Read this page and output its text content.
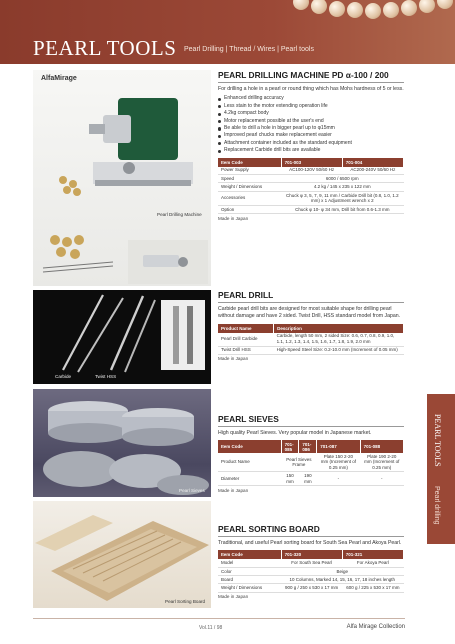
PEARL TOOLS Pearl Drilling | Thread / Wires | Pearl tools
PEARL TOOLS
Pearl drilling
AlfaMirage
Pearl Drilling Machine
Carbide	Twist HSS
Pearl Sieves
Pearl Sorting Board
PEARL DRILLING MACHINE PD α-100 / 200
For drilling a hole in a pearl or round thing which has Mohs hardness of 5 or less.
Enhanced drilling accuracy
Less stain to the motor extending operation life
4.2kg compact body
Motor replacement possible at the user's end
Be able to drill a hole in bigger pearl up to φ15mm
Improved pearl chucks make replacement easier
Attachment container included as the standard equipment
Replacement Carbide drill bits are available
Item Code	701-003	701-004
Power Supply	AC100-120V 50/60 Hz	AC200-240V 50/60 Hz
Speed	6000 / 6500 rpm	
Weight / Dimensions	4.2 kg / 145 x 235 x 122 mm	
Accessories	Chuck φ 3, 5, 7, 9, 11 mm / Carbide Drill bit (0.8, 1.0, 1.2 mm) x 1 Adjustment wrench x 2	
Option	Chuck φ 10- φ 34 mm, Drill bit from 0.6-1.3 mm	
Made in Japan
PEARL DRILL
Carbide pearl drill bits are designed for most suitable shape for drilling pearl without damage and have 2 sided. Twist Drill, HSS standard model from Japan.
Product Name	Description
Pearl Drill Carbide	Carbide, length 50 mm, 2 sided Size: 0.6, 0.7, 0.8, 0.9, 1.0, 1.1, 1.2, 1.3, 1.4, 1.5, 1.6, 1.7, 1.8, 1.9, 2.0 mm
Twist Drill HSS	High-Speed Steel Size: 0.2-10.0 mm (Increment of 0.05 mm)
Made in Japan
PEARL SIEVES
High quality Pearl Sieves. Very popular model in Japanese market.
Item Code	701-085	701-086	701-087	701-088
Product Name	Pearl Sieves Frame		Plate 150 2-20 mm (Increment of 0.25 mm)	Plate 190 2-20 mm (Increment of 0.25 mm)
Diameter	150 mm	190 mm	-	-
Made in Japan
PEARL SORTING BOARD
Traditional, and useful Pearl sorting board for South Sea Pearl and Akoya Pearl.
Item Code	701-320	701-321
Model	For South Sea Pearl	For Akoya Pearl
Color	Beige	
Board	10 Columns, Marked 14, 15, 16, 17, 18 inches length	
Weight / Dimensions	900 g / 250 x 530 x 17 mm	600 g / 225 x 530 x 17 mm
Made in Japan
Vol.11 / 98	Alfa Mirage Collection
